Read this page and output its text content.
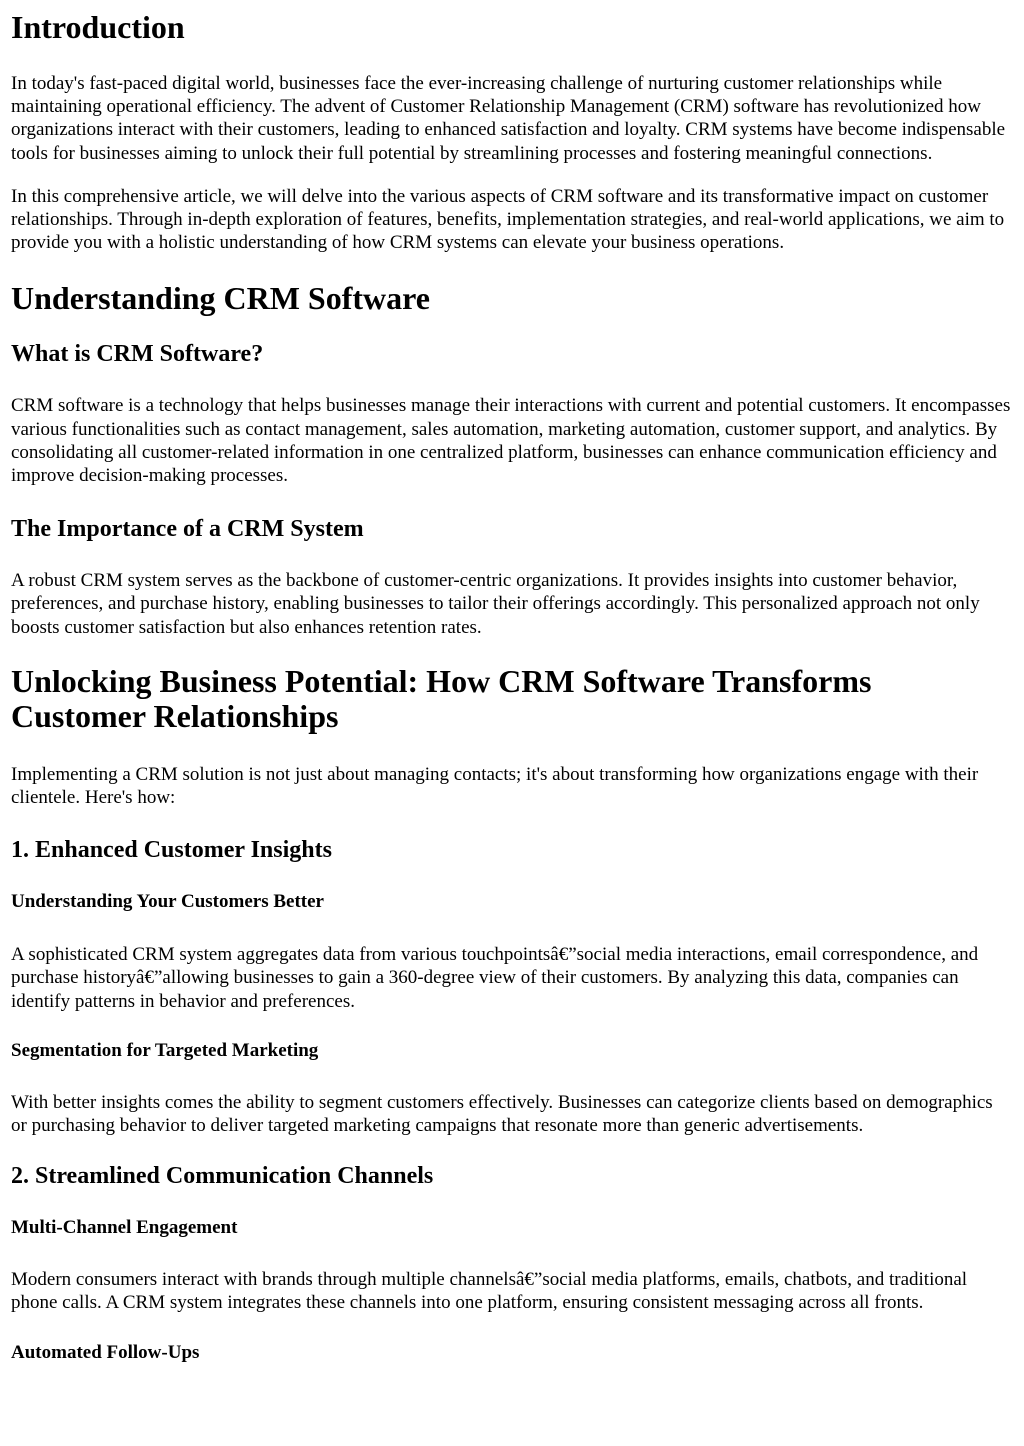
Introduction

In today's fast-paced digital world, businesses face the ever-increasing challenge of nurturing customer relationships while maintaining operational efficiency. The advent of Customer Relationship Management (CRM) software has revolutionized how organizations interact with their customers, leading to enhanced satisfaction and loyalty. CRM systems have become indispensable tools for businesses aiming to unlock their full potential by streamlining processes and fostering meaningful connections.

In this comprehensive article, we will delve into the various aspects of CRM software and its transformative impact on customer relationships. Through in-depth exploration of features, benefits, implementation strategies, and real-world applications, we aim to provide you with a holistic understanding of how CRM systems can elevate your business operations.

Understanding CRM Software
What is CRM Software?

CRM software is a technology that helps businesses manage their interactions with current and potential customers. It encompasses various functionalities such as contact management, sales automation, marketing automation, customer support, and analytics. By consolidating all customer-related information in one centralized platform, businesses can enhance communication efficiency and improve decision-making processes.

The Importance of a CRM System

A robust CRM system serves as the backbone of customer-centric organizations. It provides insights into customer behavior, preferences, and purchase history, enabling businesses to tailor their offerings accordingly. This personalized approach not only boosts customer satisfaction but also enhances retention rates.

Unlocking Business Potential: How CRM Software Transforms Customer Relationships

Implementing a CRM solution is not just about managing contacts; it's about transforming how organizations engage with their clientele. Here's how:

1. Enhanced Customer Insights
Understanding Your Customers Better

A sophisticated CRM system aggregates data from various touchpointsâ€”social media interactions, email correspondence, and purchase historyâ€”allowing businesses to gain a 360-degree view of their customers. By analyzing this data, companies can identify patterns in behavior and preferences.

Segmentation for Targeted Marketing

With better insights comes the ability to segment customers effectively. Businesses can categorize clients based on demographics or purchasing behavior to deliver targeted marketing campaigns that resonate more than generic advertisements.

2. Streamlined Communication Channels
Multi-Channel Engagement

Modern consumers interact with brands through multiple channelsâ€”social media platforms, emails, chatbots, and traditional phone calls. A CRM system integrates these channels into one platform, ensuring consistent messaging across all fronts.

Automated Follow-Ups
